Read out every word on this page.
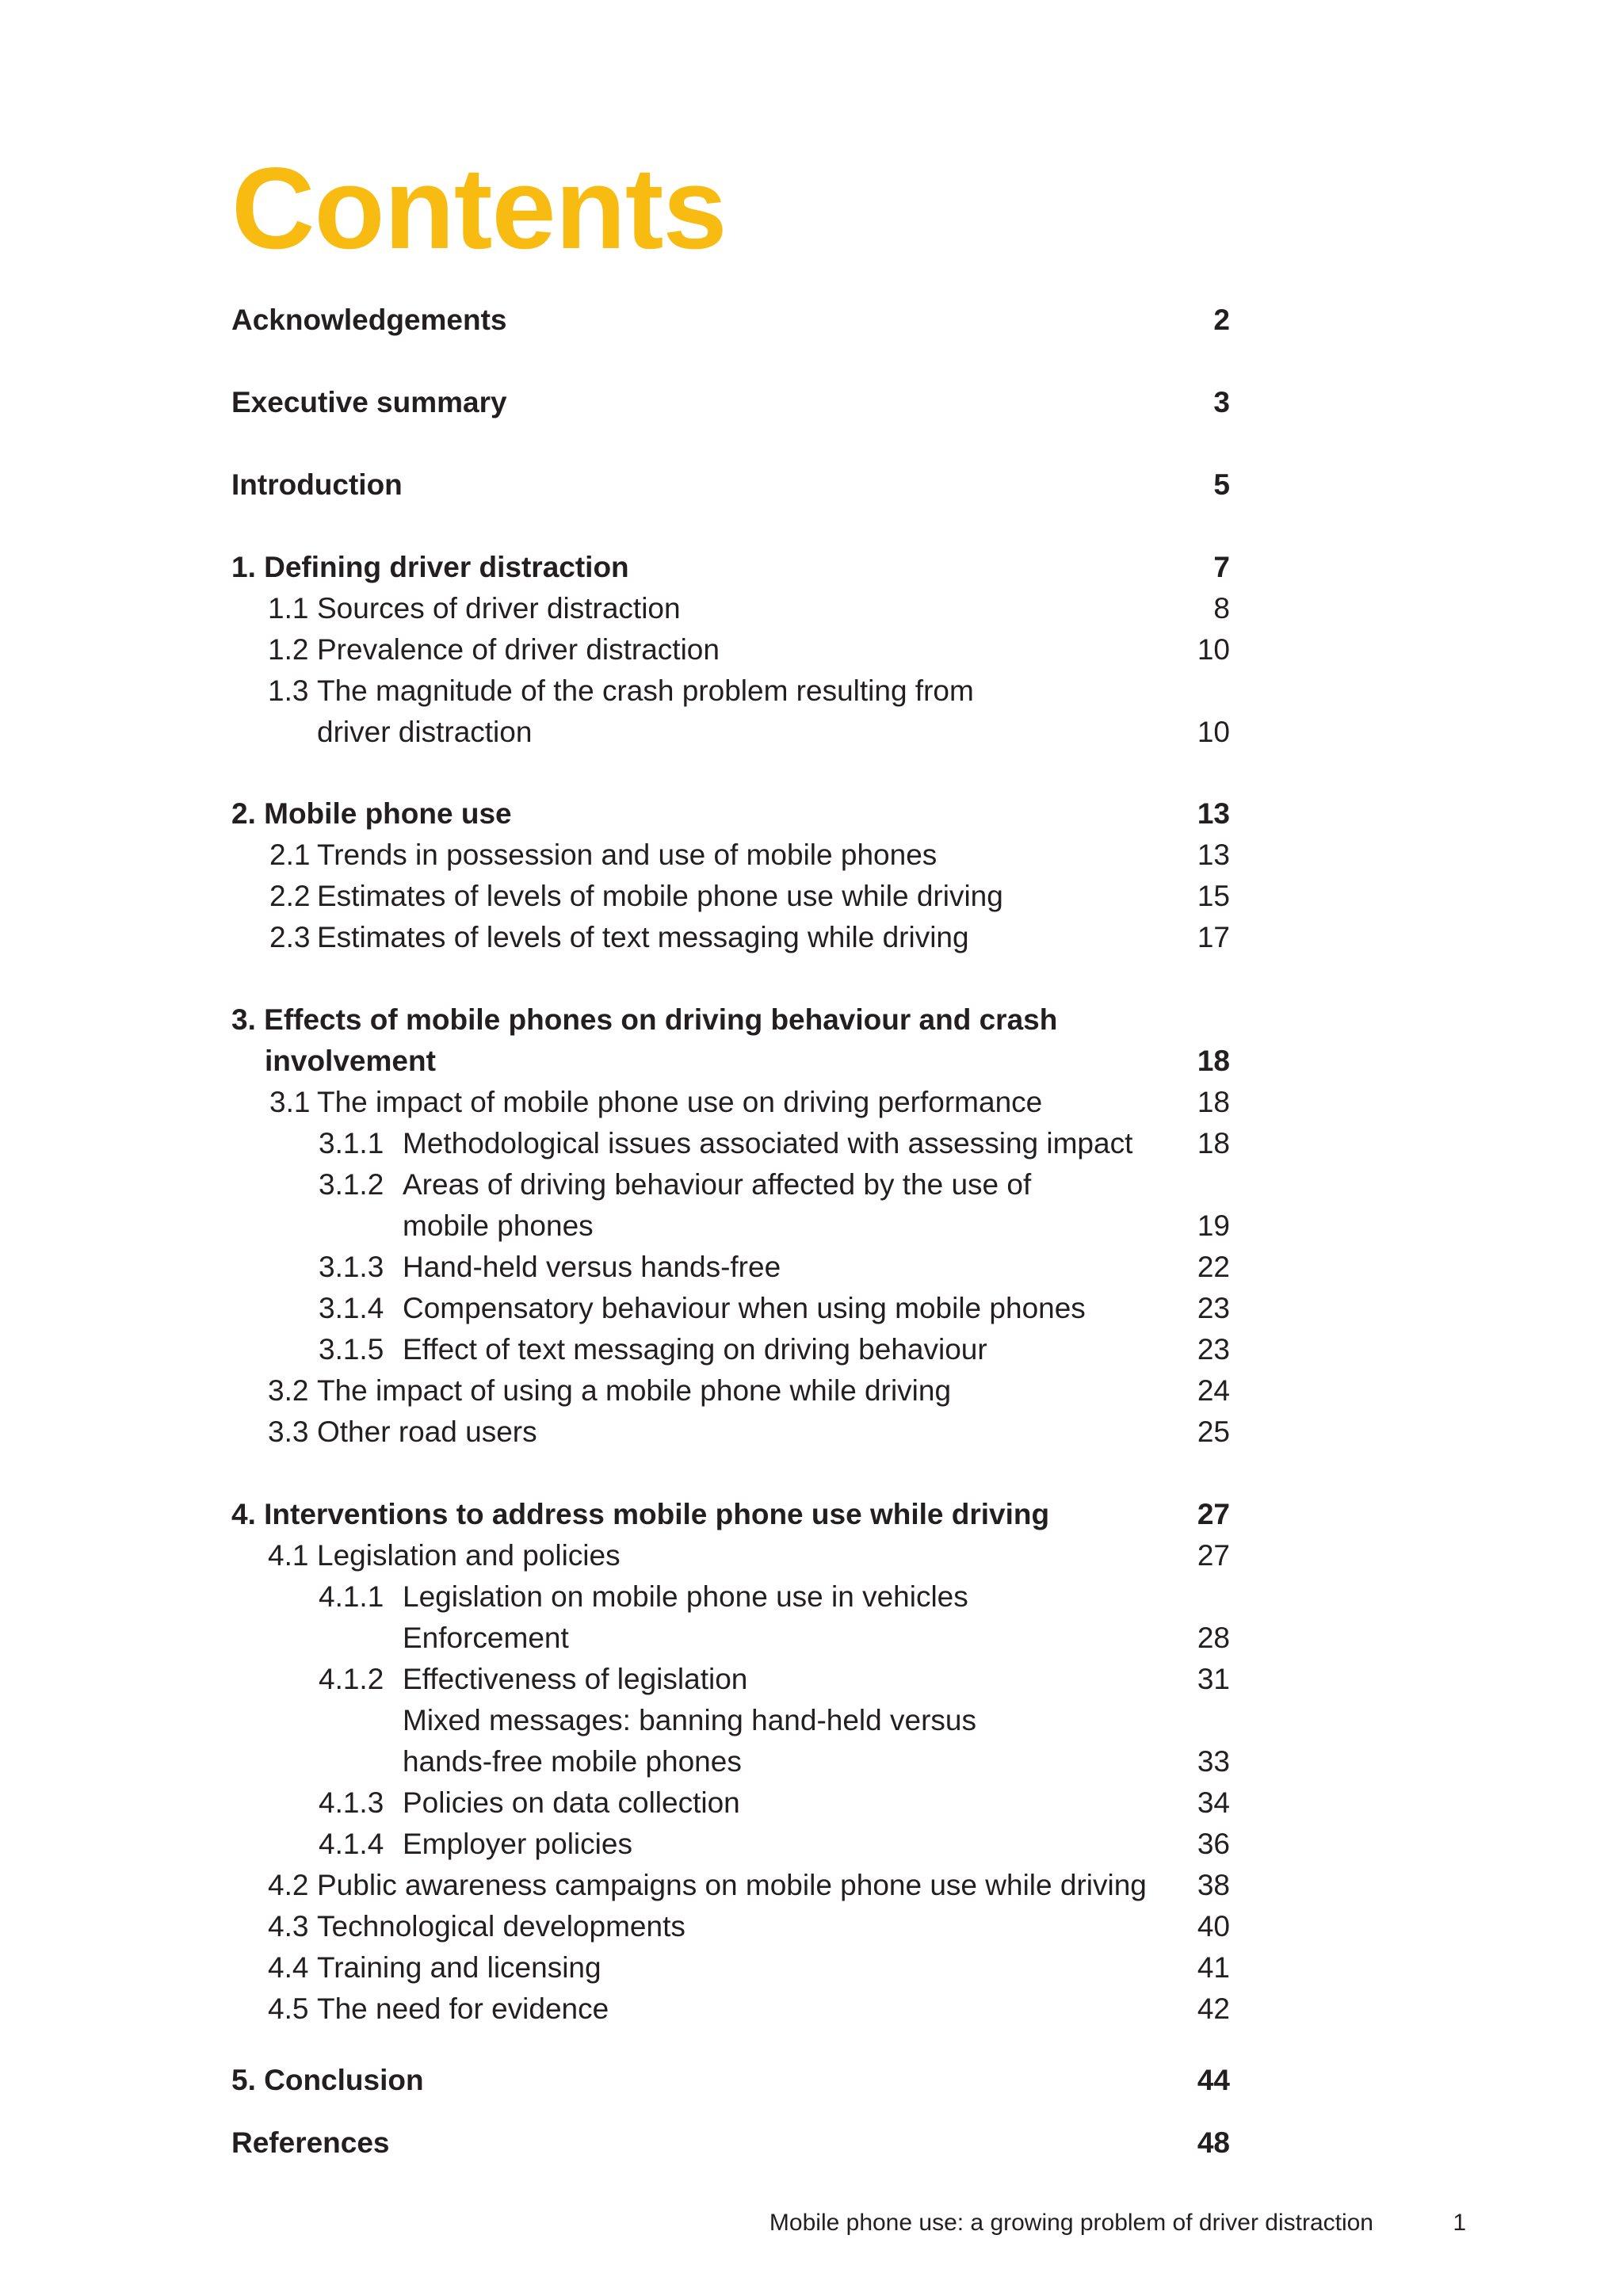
Contents
Acknowledgements	2
Executive summary	3
Introduction	5
1. Defining driver distraction	7
1.1 Sources of driver distraction	8
1.2 Prevalence of driver distraction	10
1.3 The magnitude of the crash problem resulting from
driver distraction	10
2. Mobile phone use	13
2.1 Trends in possession and use of mobile phones	13
2.2 Estimates of levels of mobile phone use while driving	15
2.3 Estimates of levels of text messaging while driving	17
3. Effects of mobile phones on driving behaviour and crash
involvement	18
3.1 The impact of mobile phone use on driving performance	18
3.1.1 Methodological issues associated with assessing impact 18
3.1.2 Areas of driving behaviour affected by the use of
mobile phones	19
3.1.3 Hand-held versus hands-free	22
3.1.4 Compensatory behaviour when using mobile phones	23
3.1.5 Effect of text messaging on driving behaviour	23
3.2 The impact of using a mobile phone while driving	24
3.3 Other road users	25
4. Interventions to address mobile phone use while driving	27
4.1 Legislation and policies	27
4.1.1 Legislation on mobile phone use in vehicles
Enforcement	28
4.1.2 Effectiveness of legislation	31
Mixed messages: banning hand-held versus
hands-free mobile phones	33
4.1.3 Policies on data collection	34
4.1.4 Employer policies	36
4.2 Public awareness campaigns on mobile phone use while driving 38
4.3 Technological developments	40
4.4 Training and licensing	41
4.5 The need for evidence	42
5. Conclusion	44
References	48
Mobile phone use: a growing problem of driver distraction	1
